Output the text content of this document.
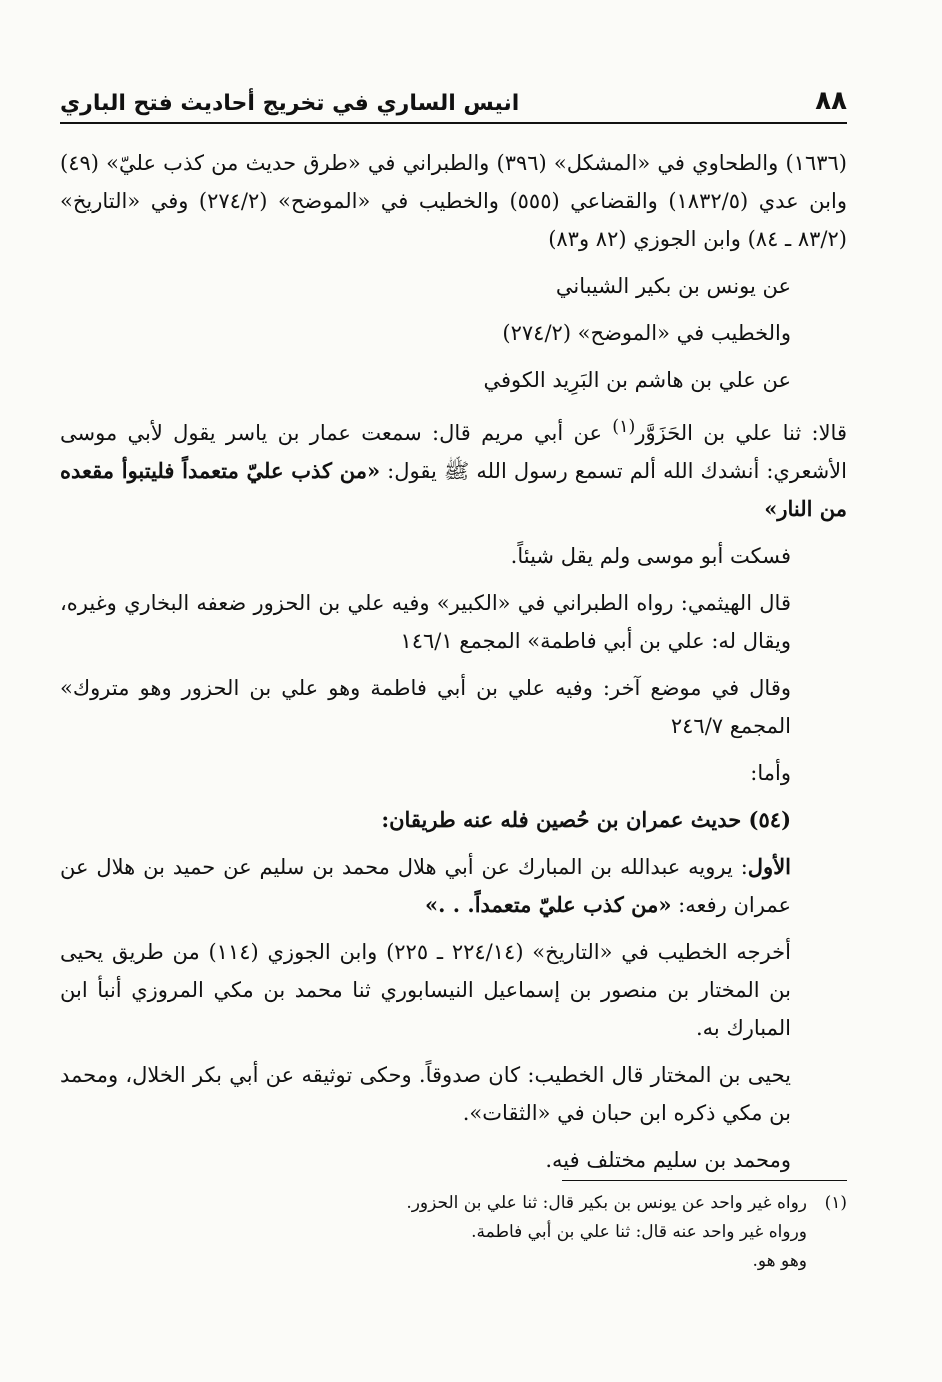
٨٨
انيس الساري في تخريج أحاديث فتح الباري

(١٦٣٦) والطحاوي في «المشكل» (٣٩٦) والطبراني في «طرق حديث من كذب عليّ» (٤٩) وابن عدي (١٨٣٢/٥) والقضاعي (٥٥٥) والخطيب في «الموضح» (٢٧٤/٢) وفي «التاريخ» (٨٣/٢ ـ ٨٤) وابن الجوزي (٨٢ و٨٣)

عن يونس بن بكير الشيباني

والخطيب في «الموضح» (٢٧٤/٢)

عن علي بن هاشم بن البَرِيد الكوفي

قالا: ثنا علي بن الحَزَوَّر$^{(١)}$ عن أبي مريم قال: سمعت عمار بن ياسر يقول لأبي موسى الأشعري: أنشدك الله ألم تسمع رسول الله ﷺ يقول: «من كذب عليّ متعمداً فليتبوأ مقعده من النار»

فسكت أبو موسى ولم يقل شيئاً.

قال الهيثمي: رواه الطبراني في «الكبير» وفيه علي بن الحزور ضعفه البخاري وغيره، ويقال له: علي بن أبي فاطمة» المجمع ١٤٦/١

وقال في موضع آخر: وفيه علي بن أبي فاطمة وهو علي بن الحزور وهو متروك» المجمع ٢٤٦/٧

وأما:

(٥٤) حديث عمران بن حُصين فله عنه طريقان:

الأول: يرويه عبدالله بن المبارك عن أبي هلال محمد بن سليم عن حميد بن هلال عن عمران رفعه: «من كذب عليّ متعمداً. . .»

أخرجه الخطيب في «التاريخ» (٢٢٤/١٤ ـ ٢٢٥) وابن الجوزي (١١٤) من طريق يحيى بن المختار بن منصور بن إسماعيل النيسابوري ثنا محمد بن مكي المروزي أنبأ ابن المبارك به.

يحيى بن المختار قال الخطيب: كان صدوقاً. وحكى توثيقه عن أبي بكر الخلال، ومحمد بن مكي ذكره ابن حبان في «الثقات».

ومحمد بن سليم مختلف فيه.

(١)
رواه غير واحد عن يونس بن بكير قال: ثنا علي بن الحزور.
ورواه غير واحد عنه قال: ثنا علي بن أبي فاطمة.
وهو هو.
